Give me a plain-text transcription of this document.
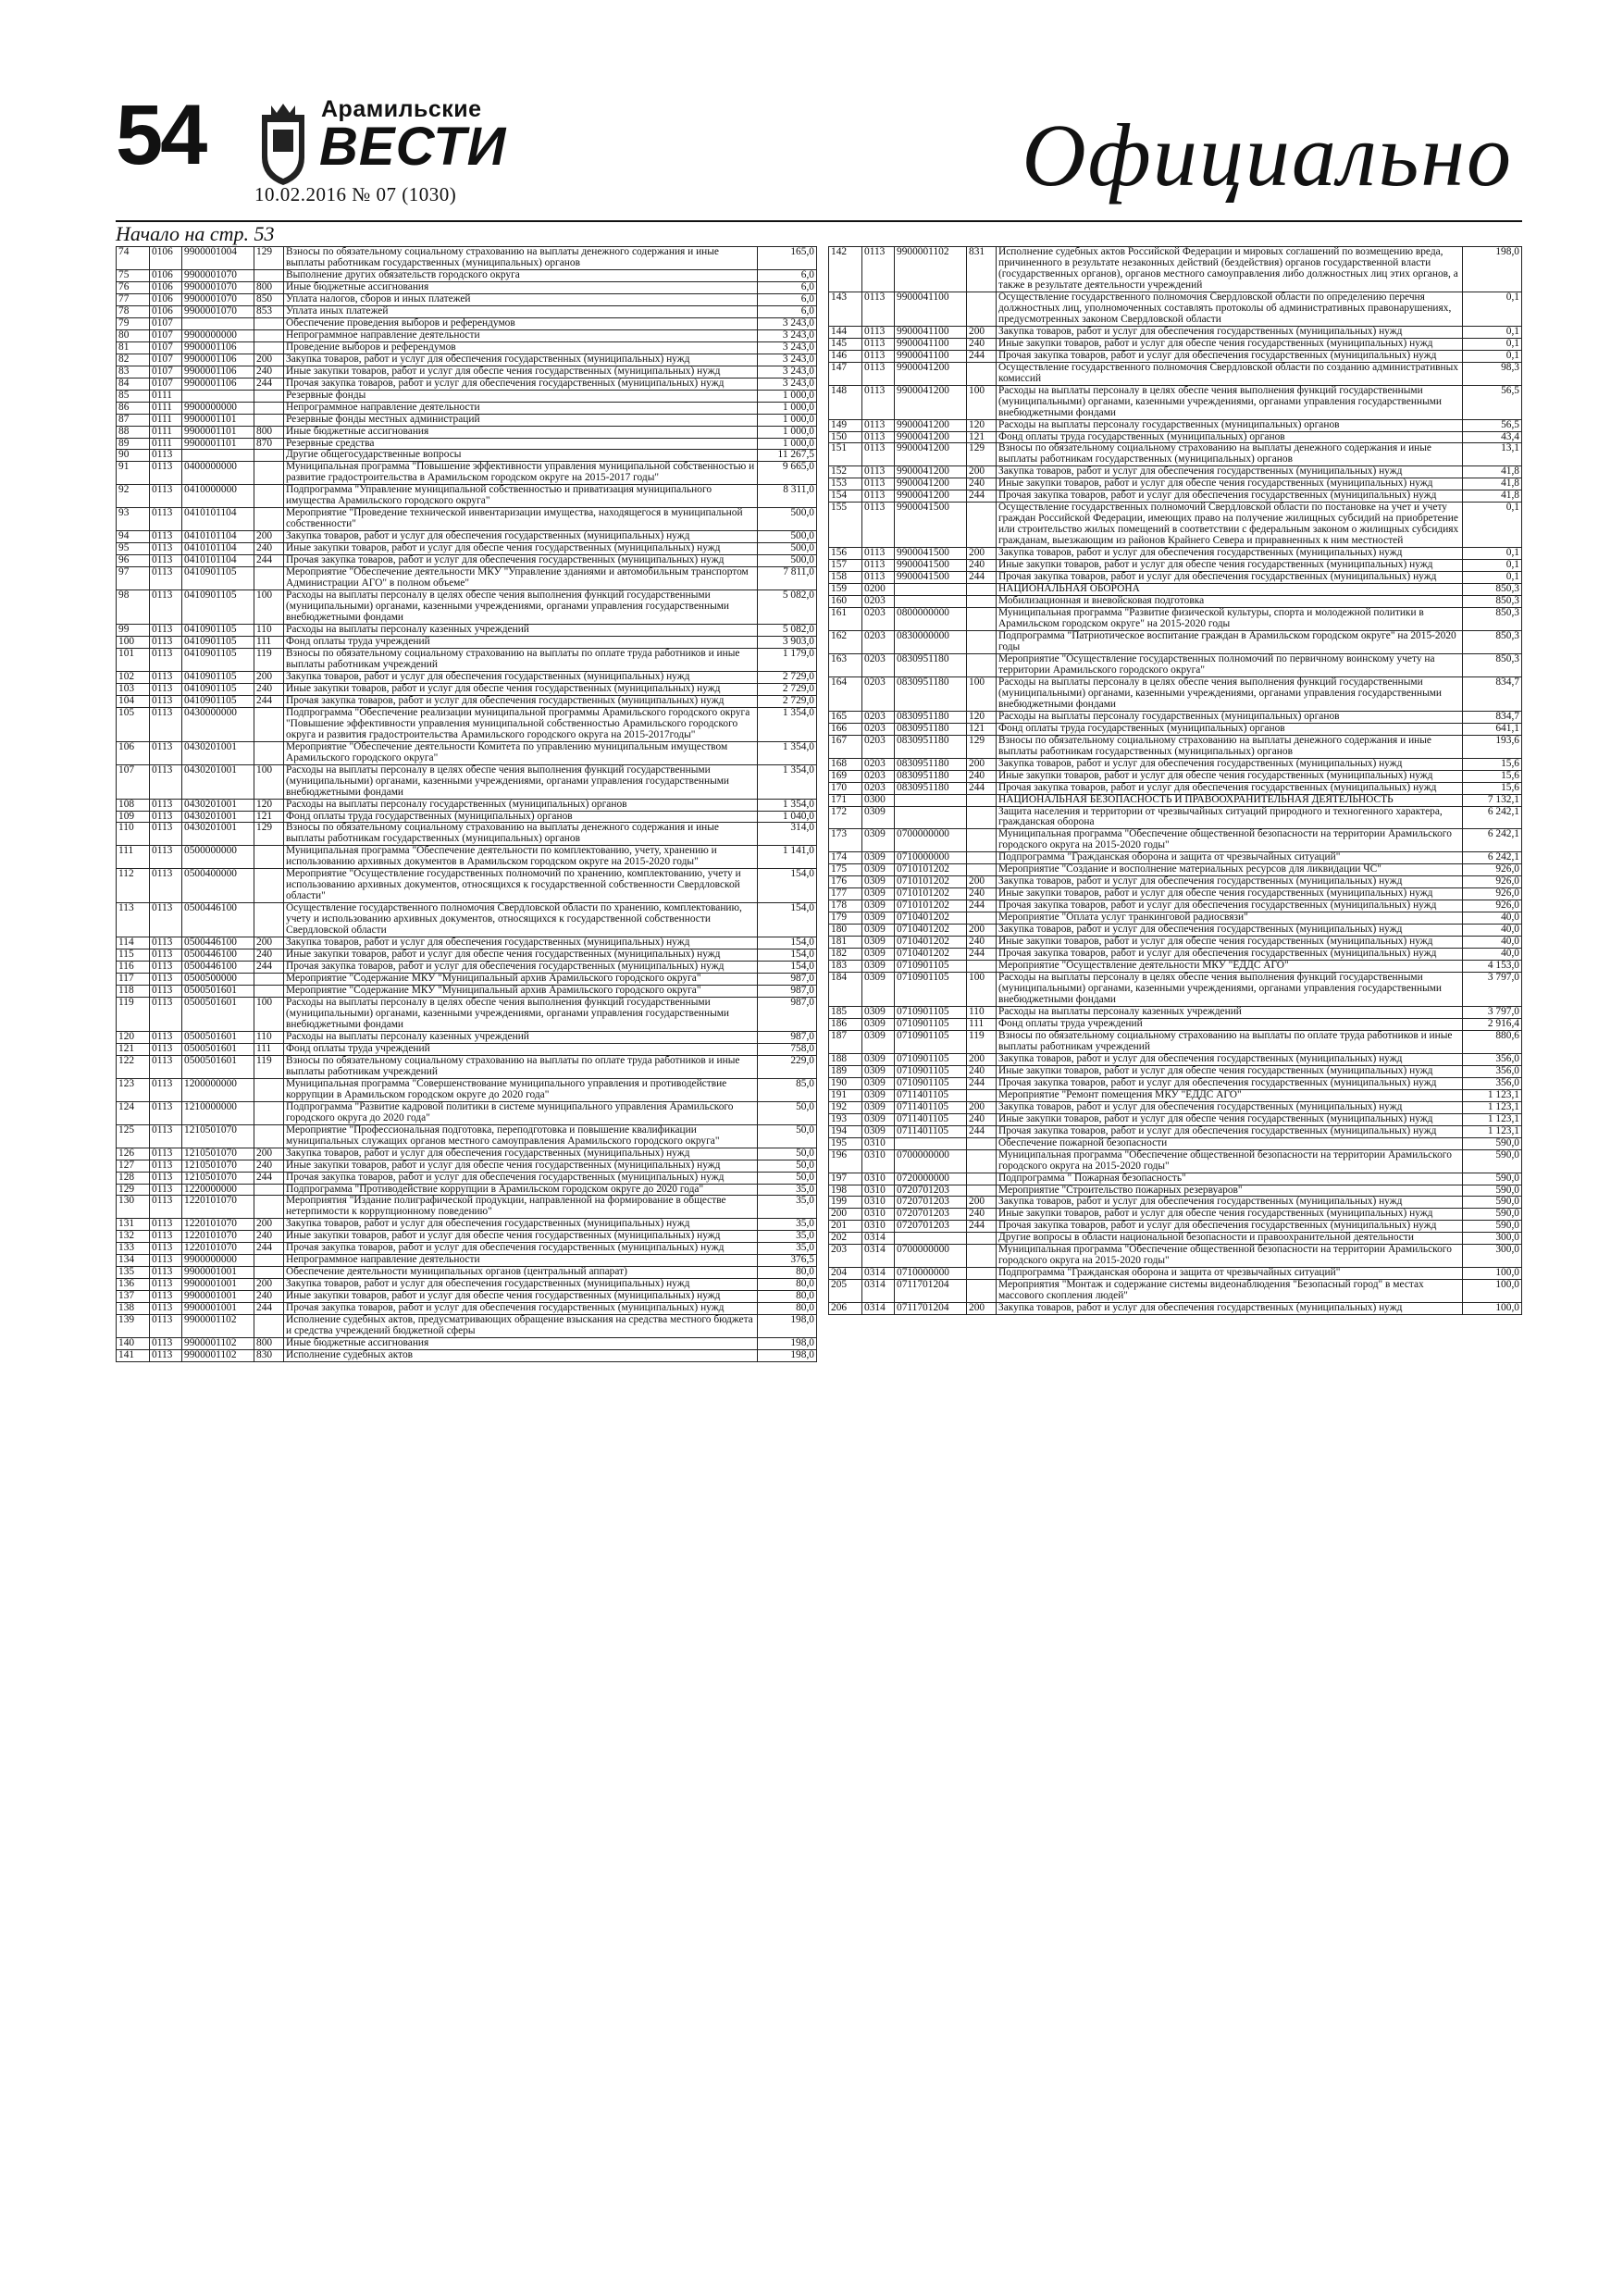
54	Арамильские
ВЕСТИ
10.02.2016 № 07 (1030)	Официально
Начало на стр. 53
74	0106	9900001004	129	Взносы по обязательному социальному страхованию на выплаты денежного содержания и иные выплаты работникам государственных (муниципальных) органов	165,0
75	0106	9900001070		Выполнение других обязательств городского округа	6,0
76	0106	9900001070	800	Иные бюджетные ассигнования	6,0
77	0106	9900001070	850	Уплата налогов, сборов и иных платежей	6,0
78	0106	9900001070	853	Уплата иных платежей	6,0
79	0107			Обеспечение проведения выборов и референдумов	3 243,0
80	0107	9900000000		Непрограммное направление деятельности	3 243,0
81	0107	9900001106		Проведение выборов и референдумов	3 243,0
82	0107	9900001106	200	Закупка товаров, работ и услуг для обеспечения государственных (муниципальных) нужд	3 243,0
83	0107	9900001106	240	Иные закупки товаров, работ и услуг для обеспе чения государственных (муниципальных) нужд	3 243,0
84	0107	9900001106	244	Прочая закупка товаров, работ и услуг для обеспечения государственных (муниципальных) нужд	3 243,0
85	0111			Резервные фонды	1 000,0
86	0111	9900000000		Непрограммное направление деятельности	1 000,0
87	0111	9900001101		Резервные фонды местных администраций	1 000,0
88	0111	9900001101	800	Иные бюджетные ассигнования	1 000,0
89	0111	9900001101	870	Резервные средства	1 000,0
90	0113			Другие общегосударственные вопросы	11 267,5
91	0113	0400000000		Муниципальная программа "Повышение эффективности управления муниципальной собственностью и развитие градостроительства в Арамильском городском округе на 2015-2017 годы"	9 665,0
92	0113	0410000000		Подпрограмма "Управление муниципальной собственностью и приватизация муниципального имущества Арамильского городского округа"	8 311,0
93	0113	0410101104		Мероприятие "Проведение технической инвентаризации имущества, находящегося в муниципальной собственности"	500,0
94	0113	0410101104	200	Закупка товаров, работ и услуг для обеспечения государственных (муниципальных) нужд	500,0
95	0113	0410101104	240	Иные закупки товаров, работ и услуг для обеспе чения государственных (муниципальных) нужд	500,0
96	0113	0410101104	244	Прочая закупка товаров, работ и услуг для обеспечения государственных (муниципальных) нужд	500,0
97	0113	0410901105		Мероприятие "Обеспечение деятельности МКУ "Управление зданиями и автомобильным транспортом Администрации АГО" в полном объеме"	7 811,0
98	0113	0410901105	100	Расходы на выплаты персоналу в целях обеспе чения выполнения функций государственными (муниципальными) органами, казенными учреждениями, органами управления государственными внебюджетными фондами	5 082,0
99	0113	0410901105	110	Расходы на выплаты персоналу казенных учреждений	5 082,0
100	0113	0410901105	111	Фонд оплаты труда учреждений	3 903,0
101	0113	0410901105	119	Взносы по обязательному социальному страхованию на выплаты по оплате труда работников и иные выплаты работникам учреждений	1 179,0
102	0113	0410901105	200	Закупка товаров, работ и услуг для обеспечения государственных (муниципальных) нужд	2 729,0
103	0113	0410901105	240	Иные закупки товаров, работ и услуг для обеспе чения государственных (муниципальных) нужд	2 729,0
104	0113	0410901105	244	Прочая закупка товаров, работ и услуг для обеспечения государственных (муниципальных) нужд	2 729,0
105	0113	0430000000		Подпрограмма "Обеспечение реализации муниципальной программы Арамильского городского округа "Повышение эффективности управления муниципальной собственностью Арамильского городского округа и развития градостроительства Арамильского городского округа на 2015-2017годы"	1 354,0
106	0113	0430201001		Мероприятие "Обеспечение деятельности Комитета по управлению муниципальным имуществом Арамильского городского округа"	1 354,0
107	0113	0430201001	100	Расходы на выплаты персоналу в целях обеспе чения выполнения функций государственными (муниципальными) органами, казенными учреждениями, органами управления государственными внебюджетными фондами	1 354,0
108	0113	0430201001	120	Расходы на выплаты персоналу государственных (муниципальных) органов	1 354,0
109	0113	0430201001	121	Фонд оплаты труда государственных (муниципальных) органов	1 040,0
110	0113	0430201001	129	Взносы по обязательному социальному страхованию на выплаты денежного содержания и иные выплаты работникам государственных (муниципальных) органов	314,0
111	0113	0500000000		Муниципальная программа "Обеспечение деятельности по комплектованию, учету, хранению и использованию архивных документов в Арамильском городском округе на 2015-2020 годы"	1 141,0
112	0113	0500400000		Мероприятие "Осуществление государственных полномочий по хранению, комплектованию, учету и использованию архивных документов, относящихся к государственной собственности Свердловской области"	154,0
113	0113	0500446100		Осуществление государственного полномочия Свердловской области по хранению, комплектованию, учету и использованию архивных документов, относящихся к государственной собственности Свердловской области	154,0
114	0113	0500446100	200	Закупка товаров, работ и услуг для обеспечения государственных (муниципальных) нужд	154,0
115	0113	0500446100	240	Иные закупки товаров, работ и услуг для обеспе чения государственных (муниципальных) нужд	154,0
116	0113	0500446100	244	Прочая закупка товаров, работ и услуг для обеспечения государственных (муниципальных) нужд	154,0
117	0113	0500500000		Мероприятие "Содержание МКУ "Муниципальный архив Арамильского городского округа"	987,0
118	0113	0500501601		Мероприятие "Содержание МКУ "Муниципальный архив Арамильского городского округа"	987,0
119	0113	0500501601	100	Расходы на выплаты персоналу в целях обеспе чения выполнения функций государственными (муниципальными) органами, казенными учреждениями, органами управления государственными внебюджетными фондами	987,0
120	0113	0500501601	110	Расходы на выплаты персоналу казенных учреждений	987,0
121	0113	0500501601	111	Фонд оплаты труда учреждений	758,0
122	0113	0500501601	119	Взносы по обязательному социальному страхованию на выплаты по оплате труда работников и иные выплаты работникам учреждений	229,0
123	0113	1200000000		Муниципальная программа "Совершенствование муниципального управления и противодействие коррупции в Арамильском городском округе до 2020 года"	85,0
124	0113	1210000000		Подпрограмма "Развитие кадровой политики в системе муниципального управления Арамильского городского округа до 2020 года"	50,0
125	0113	1210501070		Мероприятие "Профессиональная подготовка, переподготовка и повышение квалификации муниципальных служащих органов местного самоуправления Арамильского городского округа"	50,0
126	0113	1210501070	200	Закупка товаров, работ и услуг для обеспечения государственных (муниципальных) нужд	50,0
127	0113	1210501070	240	Иные закупки товаров, работ и услуг для обеспе чения государственных (муниципальных) нужд	50,0
128	0113	1210501070	244	Прочая закупка товаров, работ и услуг для обеспечения государственных (муниципальных) нужд	50,0
129	0113	1220000000		Подпрограмма "Противодействие коррупции в Арамильском городском округе до 2020 года"	35,0
130	0113	1220101070		Мероприятия "Издание полиграфической продукции, направленной на формирование в обществе нетерпимости к коррупционному поведению"	35,0
131	0113	1220101070	200	Закупка товаров, работ и услуг для обеспечения государственных (муниципальных) нужд	35,0
132	0113	1220101070	240	Иные закупки товаров, работ и услуг для обеспе чения государственных (муниципальных) нужд	35,0
133	0113	1220101070	244	Прочая закупка товаров, работ и услуг для обеспечения государственных (муниципальных) нужд	35,0
134	0113	9900000000		Непрограммное направление деятельности	376,5
135	0113	9900001001		Обеспечение деятельности муниципальных органов (центральный аппарат)	80,0
136	0113	9900001001	200	Закупка товаров, работ и услуг для обеспечения государственных (муниципальных) нужд	80,0
137	0113	9900001001	240	Иные закупки товаров, работ и услуг для обеспе чения государственных (муниципальных) нужд	80,0
138	0113	9900001001	244	Прочая закупка товаров, работ и услуг для обеспечения государственных (муниципальных) нужд	80,0
139	0113	9900001102		Исполнение судебных актов, предусматривающих обращение взыскания на средства местного бюджета и средства учреждений бюджетной сферы	198,0
140	0113	9900001102	800	Иные бюджетные ассигнования	198,0
141	0113	9900001102	830	Исполнение судебных актов	198,0
142	0113	9900001102	831	Исполнение судебных актов Российской Федерации и мировых соглашений по возмещению вреда, причиненного в результате незаконных действий (бездействия) органов государственной власти (государственных органов), органов местного самоуправления либо должностных лиц этих органов, а также в результате деятельности учреждений	198,0
143	0113	9900041100		Осуществление государственного полномочия Свердловской области по определению перечня должностных лиц, уполномоченных составлять протоколы об административных правонарушениях, предусмотренных законом Свердловской области	0,1
144	0113	9900041100	200	Закупка товаров, работ и услуг для обеспечения государственных (муниципальных) нужд	0,1
145	0113	9900041100	240	Иные закупки товаров, работ и услуг для обеспе чения государственных (муниципальных) нужд	0,1
146	0113	9900041100	244	Прочая закупка товаров, работ и услуг для обеспечения государственных (муниципальных) нужд	0,1
147	0113	9900041200		Осуществление государственного полномочия Свердловской области по созданию административных комиссий	98,3
148	0113	9900041200	100	Расходы на выплаты персоналу в целях обеспе чения выполнения функций государственными (муниципальными) органами, казенными учреждениями, органами управления государственными внебюджетными фондами	56,5
149	0113	9900041200	120	Расходы на выплаты персоналу государственных (муниципальных) органов	56,5
150	0113	9900041200	121	Фонд оплаты труда государственных (муниципальных) органов	43,4
151	0113	9900041200	129	Взносы по обязательному социальному страхованию на выплаты денежного содержания и иные выплаты работникам государственных (муниципальных) органов	13,1
152	0113	9900041200	200	Закупка товаров, работ и услуг для обеспечения государственных (муниципальных) нужд	41,8
153	0113	9900041200	240	Иные закупки товаров, работ и услуг для обеспе чения государственных (муниципальных) нужд	41,8
154	0113	9900041200	244	Прочая закупка товаров, работ и услуг для обеспечения государственных (муниципальных) нужд	41,8
155	0113	9900041500		Осуществление государственных полномочий Свердловской области по постановке на учет и учету граждан Российской Федерации, имеющих право на получение жилищных субсидий на приобретение или строительство жилых помещений в соответствии с федеральным законом о жилищных субсидиях гражданам, выезжающим из районов Крайнего Севера и приравненных к ним местностей	0,1
156	0113	9900041500	200	Закупка товаров, работ и услуг для обеспечения государственных (муниципальных) нужд	0,1
157	0113	9900041500	240	Иные закупки товаров, работ и услуг для обеспе чения государственных (муниципальных) нужд	0,1
158	0113	9900041500	244	Прочая закупка товаров, работ и услуг для обеспечения государственных (муниципальных) нужд	0,1
159	0200			НАЦИОНАЛЬНАЯ ОБОРОНА	850,3
160	0203			Мобилизационная и вневойсковая подготовка	850,3
161	0203	0800000000		Муниципальная программа "Развитие физической культуры, спорта и молодежной политики в Арамильском городском округе" на 2015-2020 годы	850,3
162	0203	0830000000		Подпрограмма "Патриотическое воспитание граждан в Арамильском городском округе" на 2015-2020 годы	850,3
163	0203	0830951180		Мероприятие "Осуществление государственных полномочий по первичному воинскому учету на территории Арамильского городского округа"	850,3
164	0203	0830951180	100	Расходы на выплаты персоналу в целях обеспе чения выполнения функций государственными (муниципальными) органами, казенными учреждениями, органами управления государственными внебюджетными фондами	834,7
165	0203	0830951180	120	Расходы на выплаты персоналу государственных (муниципальных) органов	834,7
166	0203	0830951180	121	Фонд оплаты труда государственных (муниципальных) органов	641,1
167	0203	0830951180	129	Взносы по обязательному социальному страхованию на выплаты денежного содержания и иные выплаты работникам государственных (муниципальных) органов	193,6
168	0203	0830951180	200	Закупка товаров, работ и услуг для обеспечения государственных (муниципальных) нужд	15,6
169	0203	0830951180	240	Иные закупки товаров, работ и услуг для обеспе чения государственных (муниципальных) нужд	15,6
170	0203	0830951180	244	Прочая закупка товаров, работ и услуг для обеспечения государственных (муниципальных) нужд	15,6
171	0300			НАЦИОНАЛЬНАЯ БЕЗОПАСНОСТЬ И ПРАВООХРАНИТЕЛЬНАЯ ДЕЯТЕЛЬНОСТЬ	7 132,1
172	0309			Защита населения и территории от чрезвычайных ситуаций природного и техногенного характера, гражданская оборона	6 242,1
173	0309	0700000000		Муниципальная программа "Обеспечение общественной безопасности на территории Арамильского городского округа на 2015-2020 годы"	6 242,1
174	0309	0710000000		Подпрограмма "Гражданская оборона и защита от чрезвычайных ситуаций"	6 242,1
175	0309	0710101202		Мероприятие "Создание и восполнение материальных ресурсов для ликвидации ЧС"	926,0
176	0309	0710101202	200	Закупка товаров, работ и услуг для обеспечения государственных (муниципальных) нужд	926,0
177	0309	0710101202	240	Иные закупки товаров, работ и услуг для обеспе чения государственных (муниципальных) нужд	926,0
178	0309	0710101202	244	Прочая закупка товаров, работ и услуг для обеспечения государственных (муниципальных) нужд	926,0
179	0309	0710401202		Мероприятие "Оплата услуг транкинговой радиосвязи"	40,0
180	0309	0710401202	200	Закупка товаров, работ и услуг для обеспечения государственных (муниципальных) нужд	40,0
181	0309	0710401202	240	Иные закупки товаров, работ и услуг для обеспе чения государственных (муниципальных) нужд	40,0
182	0309	0710401202	244	Прочая закупка товаров, работ и услуг для обеспечения государственных (муниципальных) нужд	40,0
183	0309	0710901105		Мероприятие "Осуществление деятельности МКУ "ЕДДС АГО"	4 153,0
184	0309	0710901105	100	Расходы на выплаты персоналу в целях обеспе чения выполнения функций государственными (муниципальными) органами, казенными учреждениями, органами управления государственными внебюджетными фондами	3 797,0
185	0309	0710901105	110	Расходы на выплаты персоналу казенных учреждений	3 797,0
186	0309	0710901105	111	Фонд оплаты труда учреждений	2 916,4
187	0309	0710901105	119	Взносы по обязательному социальному страхованию на выплаты по оплате труда работников и иные выплаты работникам учреждений	880,6
188	0309	0710901105	200	Закупка товаров, работ и услуг для обеспечения государственных (муниципальных) нужд	356,0
189	0309	0710901105	240	Иные закупки товаров, работ и услуг для обеспе чения государственных (муниципальных) нужд	356,0
190	0309	0710901105	244	Прочая закупка товаров, работ и услуг для обеспечения государственных (муниципальных) нужд	356,0
191	0309	0711401105		Мероприятие "Ремонт помещения МКУ "ЕДДС АГО"	1 123,1
192	0309	0711401105	200	Закупка товаров, работ и услуг для обеспечения государственных (муниципальных) нужд	1 123,1
193	0309	0711401105	240	Иные закупки товаров, работ и услуг для обеспе чения государственных (муниципальных) нужд	1 123,1
194	0309	0711401105	244	Прочая закупка товаров, работ и услуг для обеспечения государственных (муниципальных) нужд	1 123,1
195	0310			Обеспечение пожарной безопасности	590,0
196	0310	0700000000		Муниципальная программа "Обеспечение общественной безопасности на территории Арамильского городского округа на 2015-2020 годы"	590,0
197	0310	0720000000		Подпрограмма " Пожарная безопасность"	590,0
198	0310	0720701203		Мероприятие "Строительство пожарных резервуаров"	590,0
199	0310	0720701203	200	Закупка товаров, работ и услуг для обеспечения государственных (муниципальных) нужд	590,0
200	0310	0720701203	240	Иные закупки товаров, работ и услуг для обеспе чения государственных (муниципальных) нужд	590,0
201	0310	0720701203	244	Прочая закупка товаров, работ и услуг для обеспечения государственных (муниципальных) нужд	590,0
202	0314			Другие вопросы в области национальной безопасности и правоохранительной деятельности	300,0
203	0314	0700000000		Муниципальная программа "Обеспечение общественной безопасности на территории Арамильского городского округа на 2015-2020 годы"	300,0
204	0314	0710000000		Подпрограмма "Гражданская оборона и защита от чрезвычайных ситуаций"	100,0
205	0314	0711701204		Мероприятия "Монтаж и содержание системы видеонаблюдения "Безопасный город" в местах массового скопления людей"	100,0
206	0314	0711701204	200	Закупка товаров, работ и услуг для обеспечения государственных (муниципальных) нужд	100,0
